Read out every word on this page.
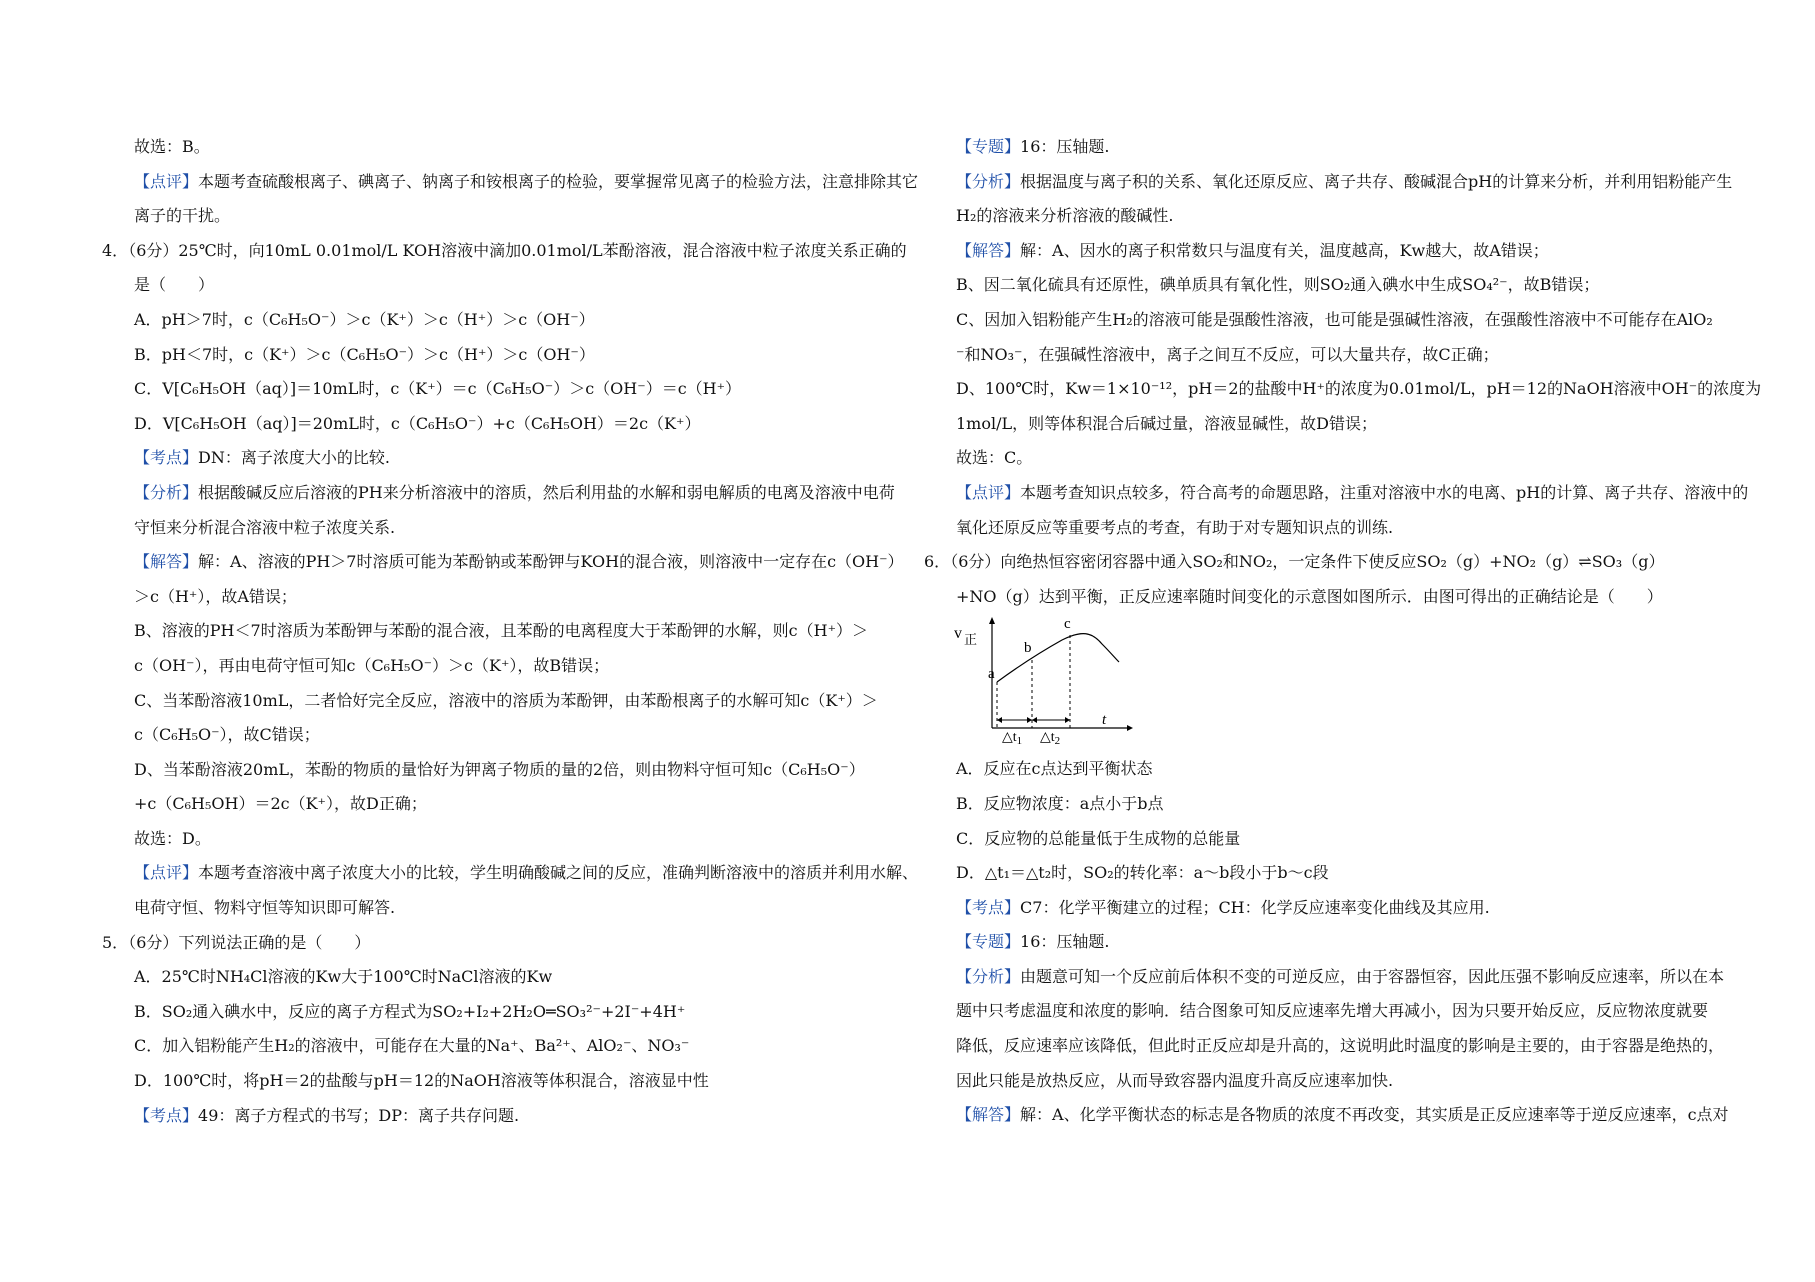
故选：B。
【点评】本题考查硫酸根离子、碘离子、钠离子和铵根离子的检验，要掌握常见离子的检验方法，注意排除其它
离子的干扰。
4．（6分）25℃时，向10mL 0.01mol/L KOH溶液中滴加0.01mol/L苯酚溶液，混合溶液中粒子浓度关系正确的
是（　　）
A．pH＞7时，c（C₆H₅O⁻）＞c（K⁺）＞c（H⁺）＞c（OH⁻）
B．pH＜7时，c（K⁺）＞c（C₆H₅O⁻）＞c（H⁺）＞c（OH⁻）
C．V[C₆H₅OH（aq）]＝10mL时，c（K⁺）＝c（C₆H₅O⁻）＞c（OH⁻）＝c（H⁺）
D．V[C₆H₅OH（aq）]＝20mL时，c（C₆H₅O⁻）+c（C₆H₅OH）＝2c（K⁺）
【考点】DN：离子浓度大小的比较.
【分析】根据酸碱反应后溶液的PH来分析溶液中的溶质，然后利用盐的水解和弱电解质的电离及溶液中电荷
守恒来分析混合溶液中粒子浓度关系.
【解答】解：A、溶液的PH＞7时溶质可能为苯酚钠或苯酚钾与KOH的混合液，则溶液中一定存在c（OH⁻）
＞c（H⁺），故A错误；
B、溶液的PH＜7时溶质为苯酚钾与苯酚的混合液，且苯酚的电离程度大于苯酚钾的水解，则c（H⁺）＞
c（OH⁻），再由电荷守恒可知c（C₆H₅O⁻）＞c（K⁺），故B错误；
C、当苯酚溶液10mL，二者恰好完全反应，溶液中的溶质为苯酚钾，由苯酚根离子的水解可知c（K⁺）＞
c（C₆H₅O⁻），故C错误；
D、当苯酚溶液20mL，苯酚的物质的量恰好为钾离子物质的量的2倍，则由物料守恒可知c（C₆H₅O⁻）
+c（C₆H₅OH）＝2c（K⁺），故D正确；
故选：D。
【点评】本题考查溶液中离子浓度大小的比较，学生明确酸碱之间的反应，准确判断溶液中的溶质并利用水解、
电荷守恒、物料守恒等知识即可解答.
5．（6分）下列说法正确的是（　　）
A．25℃时NH₄Cl溶液的Kw大于100℃时NaCl溶液的Kw
B．SO₂通入碘水中，反应的离子方程式为SO₂+I₂+2H₂O═SO₃²⁻+2I⁻+4H⁺
C．加入铝粉能产生H₂的溶液中，可能存在大量的Na⁺、Ba²⁺、AlO₂⁻、NO₃⁻
D．100℃时，将pH＝2的盐酸与pH＝12的NaOH溶液等体积混合，溶液显中性
【考点】49：离子方程式的书写；DP：离子共存问题.
【专题】16：压轴题.
【分析】根据温度与离子积的关系、氧化还原反应、离子共存、酸碱混合pH的计算来分析，并利用铝粉能产生
H₂的溶液来分析溶液的酸碱性.
【解答】解：A、因水的离子积常数只与温度有关，温度越高，Kw越大，故A错误；
B、因二氧化硫具有还原性，碘单质具有氧化性，则SO₂通入碘水中生成SO₄²⁻，故B错误；
C、因加入铝粉能产生H₂的溶液可能是强酸性溶液，也可能是强碱性溶液，在强酸性溶液中不可能存在AlO₂
⁻和NO₃⁻，在强碱性溶液中，离子之间互不反应，可以大量共存，故C正确；
D、100℃时，Kw＝1×10⁻¹²，pH＝2的盐酸中H⁺的浓度为0.01mol/L，pH＝12的NaOH溶液中OH⁻的浓度为
1mol/L，则等体积混合后碱过量，溶液显碱性，故D错误；
故选：C。
【点评】本题考查知识点较多，符合高考的命题思路，注重对溶液中水的电离、pH的计算、离子共存、溶液中的
氧化还原反应等重要考点的考查，有助于对专题知识点的训练.
6．（6分）向绝热恒容密闭容器中通入SO₂和NO₂，一定条件下使反应SO₂（g）+NO₂（g）⇌SO₃（g）
+NO（g）达到平衡，正反应速率随时间变化的示意图如图所示．由图可得出的正确结论是（　　）
v 正
t
a
b
c
$\triangle t_1$ $\triangle t_2$
A．反应在c点达到平衡状态
B．反应物浓度：a点小于b点
C．反应物的总能量低于生成物的总能量
D．△t₁＝△t₂时，SO₂的转化率：a～b段小于b～c段
【考点】C7：化学平衡建立的过程；CH：化学反应速率变化曲线及其应用.
【专题】16：压轴题.
【分析】由题意可知一个反应前后体积不变的可逆反应，由于容器恒容，因此压强不影响反应速率，所以在本
题中只考虑温度和浓度的影响．结合图象可知反应速率先增大再减小，因为只要开始反应，反应物浓度就要
降低，反应速率应该降低，但此时正反应却是升高的，这说明此时温度的影响是主要的，由于容器是绝热的，
因此只能是放热反应，从而导致容器内温度升高反应速率加快.
【解答】解：A、化学平衡状态的标志是各物质的浓度不再改变，其实质是正反应速率等于逆反应速率，c点对
